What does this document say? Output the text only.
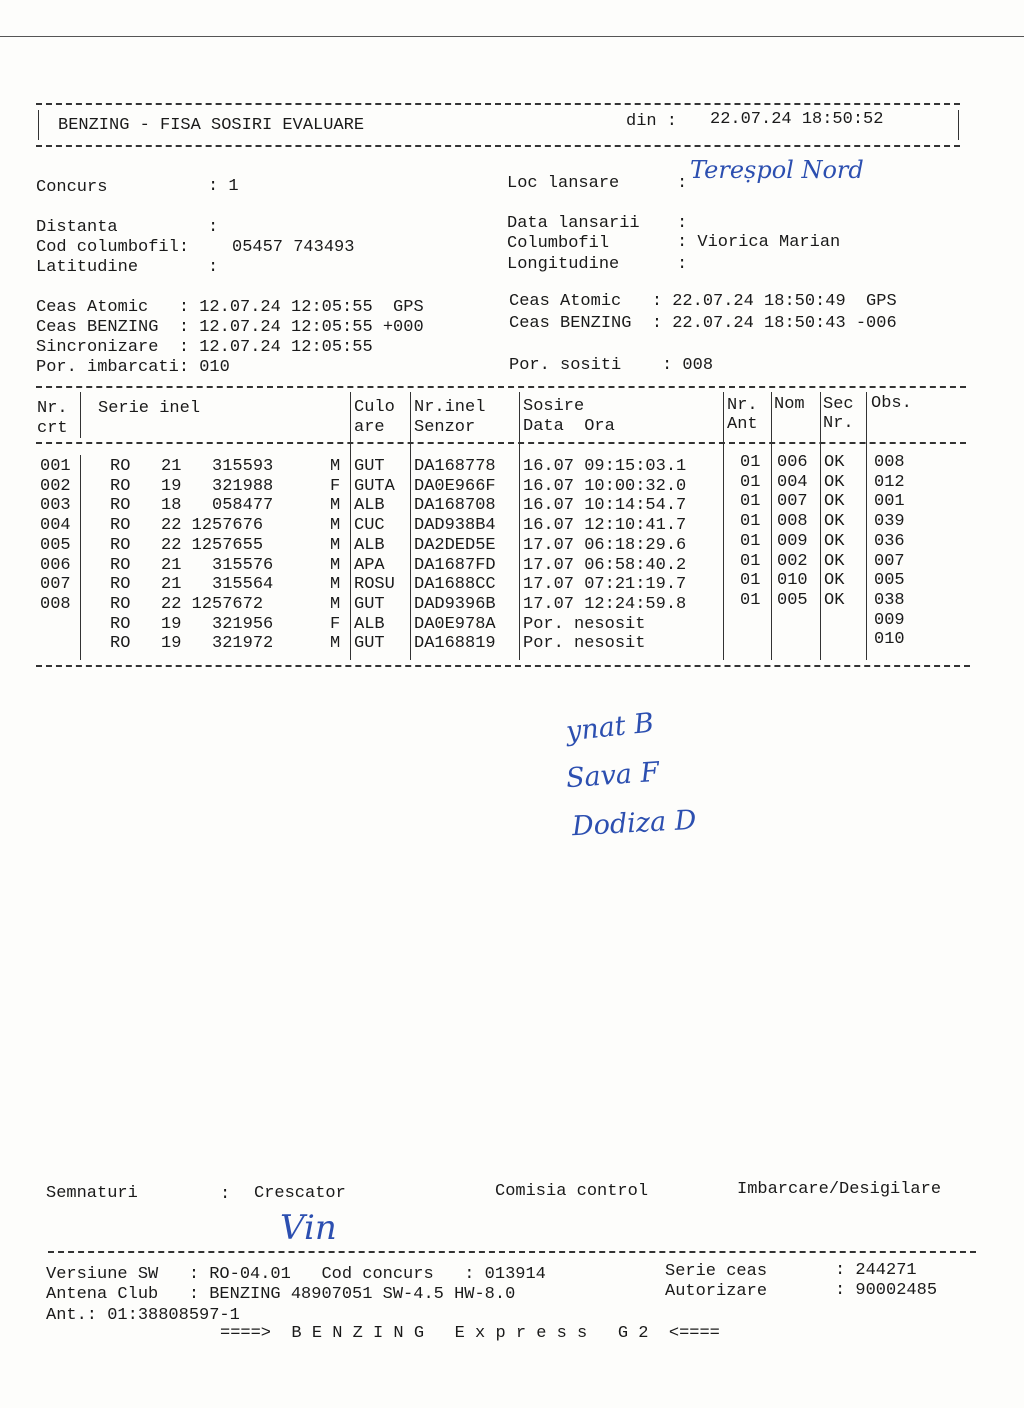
BENZING - FISA SOSIRI EVALUARE	din : 22.07.24 18:50:52
Concurs	: 1	Loc lansare	: Tereṣpol Nord
Distanta	:	Data lansarii :
Cod columbofil:	05457 743493	Columbofil	: Viorica Marian
Latitudine	:	Longitudine	:
Ceas Atomic   : 12.07.24 12:05:55  GPS
Ceas BENZING  : 12.07.24 12:05:55 +000
Sincronizare  : 12.07.24 12:05:55
Por. imbarcati: 010
Ceas Atomic   : 22.07.24 18:50:49  GPS
Ceas BENZING  : 22.07.24 18:50:43 -006
Por. sositi    : 008
Nr.
crt
Serie inel	Culo
are
Nr.inel
Senzor
Sosire
Data  Ora
Nr.
Ant
Nom Sec
Nr.
Obs.
001 RO   21   315593	M GUT DA168778 16.07 09:15:03.1	01 006 OK 008
002 RO   19   321988	F GUTA DA0E966F 16.07 10:00:32.0	01 004 OK 012
003 RO   18   058477	M ALB DA168708 16.07 10:14:54.7	01 007 OK 001
004 RO   22 1257676	M CUC DAD938B4 16.07 12:10:41.7	01 008 OK 039
005 RO   22 1257655	M ALB DA2DED5E 17.07 06:18:29.6	01 009 OK 036
006 RO   21   315576	M APA DA1687FD 17.07 06:58:40.2	01 002 OK 007
007 RO   21   315564	M ROSU DA1688CC 17.07 07:21:19.7	01 010 OK 005
008 RO   22 1257672	M GUT DAD9396B 17.07 12:24:59.8	01 005 OK 038
RO   19   321956	F ALB DA0E978A Por. nesosit	009
RO   19   321972	M GUT DA168819 Por. nesosit	010
ynat B
Sava F
Dodiza D
Semnaturi	: Crescator	Comisia control	Imbarcare/Desigilare
Vin
Versiune SW   : RO-04.01   Cod concurs   : 013914
Antena Club   : BENZING 48907051 SW-4.5 HW-8.0
Ant.: 01:38808597-1
Serie ceas	: 244271
Autorizare	: 90002485
====>  B E N Z I N G   E x p r e s s   G 2  <====
